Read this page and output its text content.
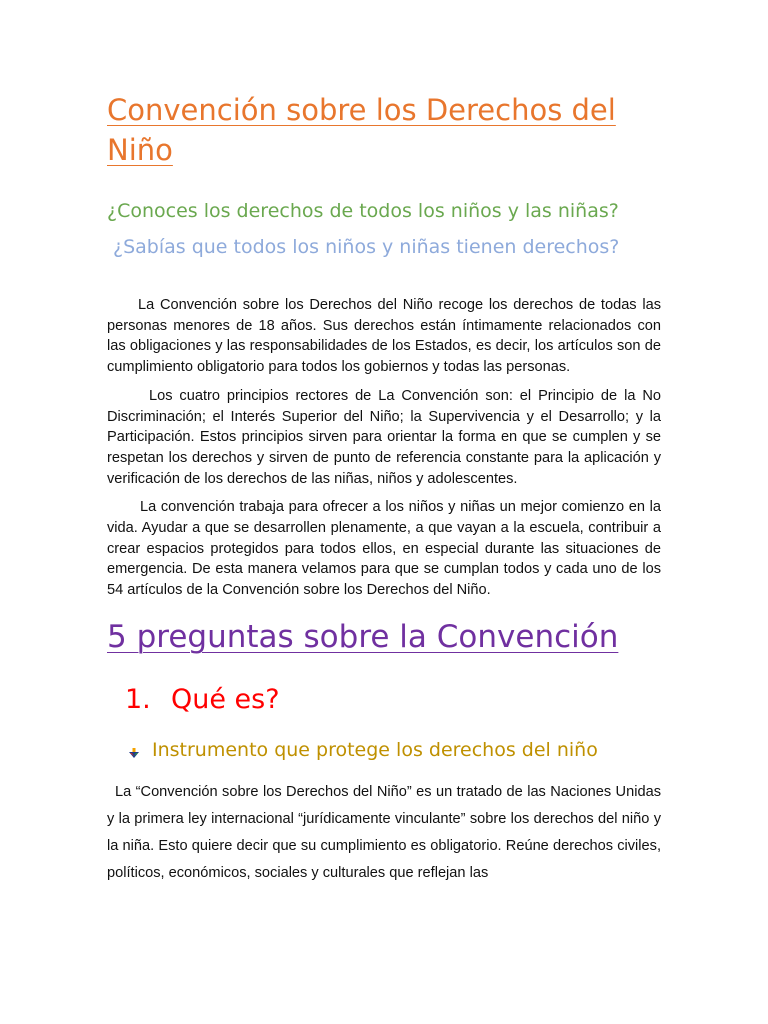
Convención sobre los Derechos del Niño

¿Conoces los derechos de todos los niños y las niñas?

¿Sabías que todos los niños y niñas tienen derechos?

La Convención sobre los Derechos del Niño recoge los derechos de todas las personas menores de 18 años. Sus derechos están íntimamente relacionados con las obligaciones y las responsabilidades de los Estados, es decir, los artículos son de cumplimiento obligatorio para todos los gobiernos y todas las personas.

Los cuatro principios rectores de La Convención son: el Principio de la No Discriminación; el Interés Superior del Niño; la Supervivencia y el Desarrollo; y la Participación. Estos principios sirven para orientar la forma en que se cumplen y se respetan los derechos y sirven de punto de referencia constante para la aplicación y verificación de los derechos de las niñas, niños y adolescentes.

La convención trabaja para ofrecer a los niños y niñas un mejor comienzo en la vida. Ayudar a que se desarrollen plenamente, a que vayan a la escuela, contribuir a crear espacios protegidos para todos ellos, en especial durante las situaciones de emergencia. De esta manera velamos para que se cumplan todos y cada uno de los 54 artículos de la Convención sobre los Derechos del Niño.

5 preguntas sobre la Convención
1. Qué es?
Instrumento que protege los derechos del niño

La “Convención sobre los Derechos del Niño” es un tratado de las Naciones Unidas y la primera ley internacional “jurídicamente vinculante” sobre los derechos del niño y la niña. Esto quiere decir que su cumplimiento es obligatorio. Reúne derechos civiles, políticos, económicos, sociales y culturales que reflejan las
